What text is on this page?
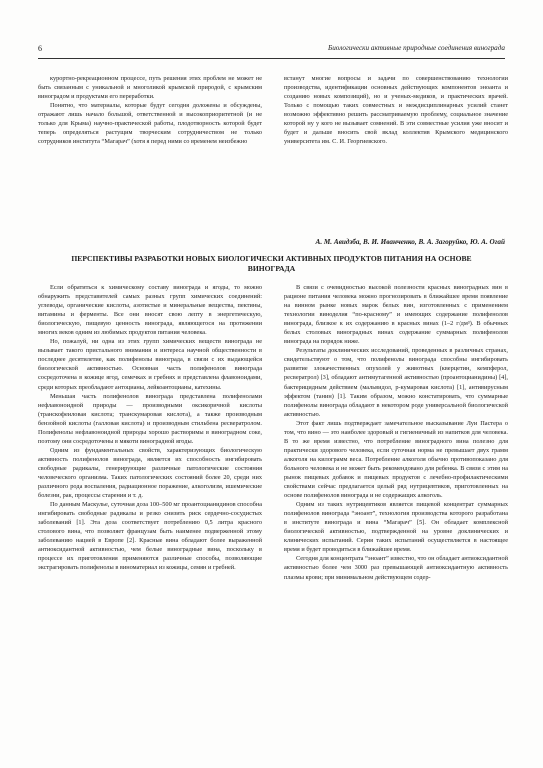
6	Биологически активные природные соединения винограда

курортно-рекреационном процессе, путь решения этих проблем не может не быть связанным с уникальной и многоликой крымской природой, с крымским виноградом и продуктами его переработки.

Понятно, что материалы, которые будут сегодня доложены и обсуждены, отражают лишь начало большой, ответственной и высокоприоритетной (и не только для Крыма) научно-практической работы, плодотворность которой будет теперь определяться растущим творческим сотрудничеством не только сотрудников института “Магарач” (хотя я перед ними со временем неизбежно

встанут многие вопросы и задачи по совершенствованию технологии производства, идентификации основных действующих компонентов эноанта и созданию новых композиций), но и ученых-медиков, и практических врачей. Только с помощью таких совместных и междисциплинарных усилий станет возможно эффективно решить рассматриваемую проблему, социальное значение которой ну у кого не вызывает сомнений. В эти совместные усилия уже вносит и будет и дальше вносить свой вклад коллектив Крымского медицинского университета им. С. И. Георгиевского.

А. М. Авидзба, В. И. Иванченко, В. А. Загоруйко, Ю. А. Огай
ПЕРСПЕКТИВЫ РАЗРАБОТКИ НОВЫХ БИОЛОГИЧЕСКИ АКТИВНЫХ ПРОДУКТОВ ПИТАНИЯ НА ОСНОВЕ ВИНОГРАДА

Если обратиться к химическому составу винограда и ягоды, то можно обнаружить представителей самых разных групп химических соединений: углеводы, органические кислоты, азотистые и минеральные вещества, пектины, витамины и ферменты. Все они вносят свою лепту в энергетическую, биологическую, пищевую ценность винограда, являющегося на протяжении многих веков одним из любимых продуктов питания человека.

Но, пожалуй, ни одна из этих групп химических веществ винограда не вызывает такого пристального внимания и интереса научной общественности в последнее десятилетие, как полифенолы винограда, в связи с их выдающейся биологической активностью. Основная часть полифенолов винограда сосредоточена в кожице ягод, семечках и гребнях и представлена флавоноидами, среди которых преобладают антоцианы, лейкоантоцианы, катехины.

Меньшая часть полифенолов винограда представлена полифенолами нефлавоноидной природы — производными оксикоричной кислоты (транскофеиловая кислота; транскумаровая кислота), а также производным бензойной кислоты (галловая кислота) и производным стильбена ресвератролом. Полифенолы нефлавоноидной природы хорошо растворимы в виноградном соке, поэтому они сосредоточены в мякоти виноградной ягоды.

Одним из фундаментальных свойств, характеризующих биологическую активность полифенолов винограда, является их способность ингибировать свободные радикалы, генерирующие различные патологические состояния человеческого организма. Таких патологических состояний более 20, среди них различного рода воспаления, радиационное поражение, алкоголизм, ишемические болезни, рак, процессы старения и т. д.

По данным Маскулье, суточная доза 100–500 мг проантоцианидинов способна ингибировать свободные радикалы и резко снизить риск сердечно-сосудистых заболеваний [1]. Эта доза соответствует потреблению 0,5 литра красного столового вина, что позволяет французам быть наименее подверженной этому заболеванию нацией в Европе [2]. Красные вина обладают более выраженной антиоксидантной активностью, чем белые виноградные вина, поскольку в процессе их приготовления применяются различные способы, позволяющие экстрагировать полифенолы в виноматериал из кожицы, семян и гребней.

В связи с очевидностью высокой полезности красных виноградных вин в рационе питания человека можно прогнозировать в ближайшее время появление на винном рынке новых марок белых вин, изготовленных с применением технологии виноделия “по-красному” и имеющих содержание полифенолов винограда, близкое к их содержанию в красных винах (1–2 г/дм³). В обычных белых столовых виноградных винах содержание суммарных полифенолов винограда на порядок ниже.

Результаты доклинических исследований, проведенных в различных странах, свидетельствуют о том, что полифенолы винограда способны ингибировать развитие злокачественных опухолей у животных (кверцетин, кемпферол, ресвератрол) [3], обладают антимутагенной активностью (проантоцианидины) [4], бактерицидным действием (мальвидол, р-кумаровая кислота) [1], антивирусным эффектом (танин) [1]. Таким образом, можно констатировать, что суммарные полифенолы винограда обладают в некотором роде универсальной биологической активностью.

Этот факт лишь подтверждает замечательное высказывание Луи Пастера о том, что вино — это наиболее здоровый и гигиеничный из напитков для человека. В то же время известно, что потребление виноградного вина полезно для практически здорового человека, если суточная норма не превышает двух грамм алкоголя на килограмм веса. Потребление алкоголя обычно противопоказано для больного человека и не может быть рекомендовано для ребенка. В связи с этим на рынок пищевых добавок и пищевых продуктов с лечебно-профилактическими свойствами сейчас предлагается целый ряд нутрицевтиков, приготовленных на основе полифенолов винограда и не содержащих алкоголь.

Одним из таких нутрицевтиков является пищевой концентрат суммарных полифенолов винограда “эноант”, технология производства которого разработана в институте винограда и вина “Магарач” [5]. Он обладает комплексной биологической активностью, подтвержденной на уровне доклинических и клинических испытаний. Серия таких испытаний осуществляется в настоящее время и будет проводиться в ближайшее время.

Сегодня для концентрата “эноант” известно, что он обладает антиоксидантной активностью более чем 3000 раз превышающей антиоксидантную активность плазмы крови; при минимальном действующем содер-
